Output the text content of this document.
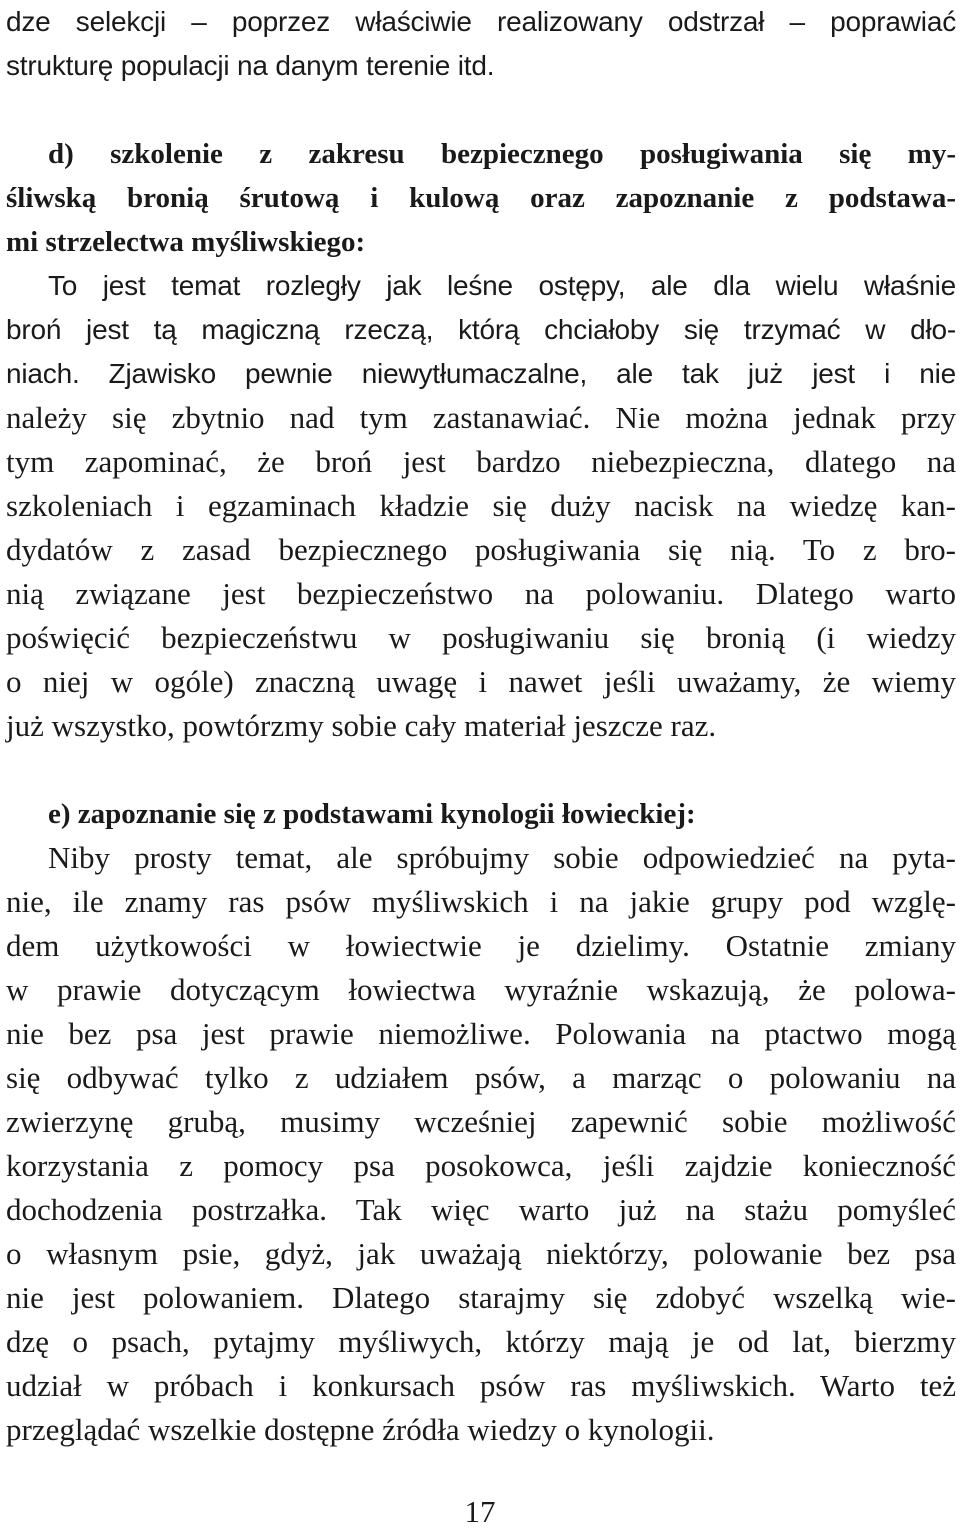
dze selekcji – poprzez właściwie realizowany odstrzał – poprawiać
strukturę populacji na danym terenie itd.
d) szkolenie z zakresu bezpiecznego posługiwania się my-
śliwską bronią śrutową i kulową oraz zapoznanie z podstawa-
mi strzelectwa myśliwskiego:
To jest temat rozległy jak leśne ostępy, ale dla wielu właśnie
broń jest tą magiczną rzeczą, którą chciałoby się trzymać w dło-
niach. Zjawisko pewnie niewytłumaczalne, ale tak już jest i nie
należy się zbytnio nad tym zastanawiać. Nie można jednak przy
tym zapominać, że broń jest bardzo niebezpieczna, dlatego na
szkoleniach i egzaminach kładzie się duży nacisk na wiedzę kan-
dydatów z zasad bezpiecznego posługiwania się nią. To z bro-
nią związane jest bezpieczeństwo na polowaniu. Dlatego warto
poświęcić bezpieczeństwu w posługiwaniu się bronią (i wiedzy
o niej w ogóle) znaczną uwagę i nawet jeśli uważamy, że wiemy
już wszystko, powtórzmy sobie cały materiał jeszcze raz.
e) zapoznanie się z podstawami kynologii łowieckiej:
Niby prosty temat, ale spróbujmy sobie odpowiedzieć na pyta-
nie, ile znamy ras psów myśliwskich i na jakie grupy pod wzglę-
dem użytkowości w łowiectwie je dzielimy. Ostatnie zmiany
w prawie dotyczącym łowiectwa wyraźnie wskazują, że polowa-
nie bez psa jest prawie niemożliwe. Polowania na ptactwo mogą
się odbywać tylko z udziałem psów, a marząc o polowaniu na
zwierzynę grubą, musimy wcześniej zapewnić sobie możliwość
korzystania z pomocy psa posokowca, jeśli zajdzie konieczność
dochodzenia postrzałka. Tak więc warto już na stażu pomyśleć
o własnym psie, gdyż, jak uważają niektórzy, polowanie bez psa
nie jest polowaniem. Dlatego starajmy się zdobyć wszelką wie-
dzę o psach, pytajmy myśliwych, którzy mają je od lat, bierzmy
udział w próbach i konkursach psów ras myśliwskich. Warto też
przeglądać wszelkie dostępne źródła wiedzy o kynologii.
17
